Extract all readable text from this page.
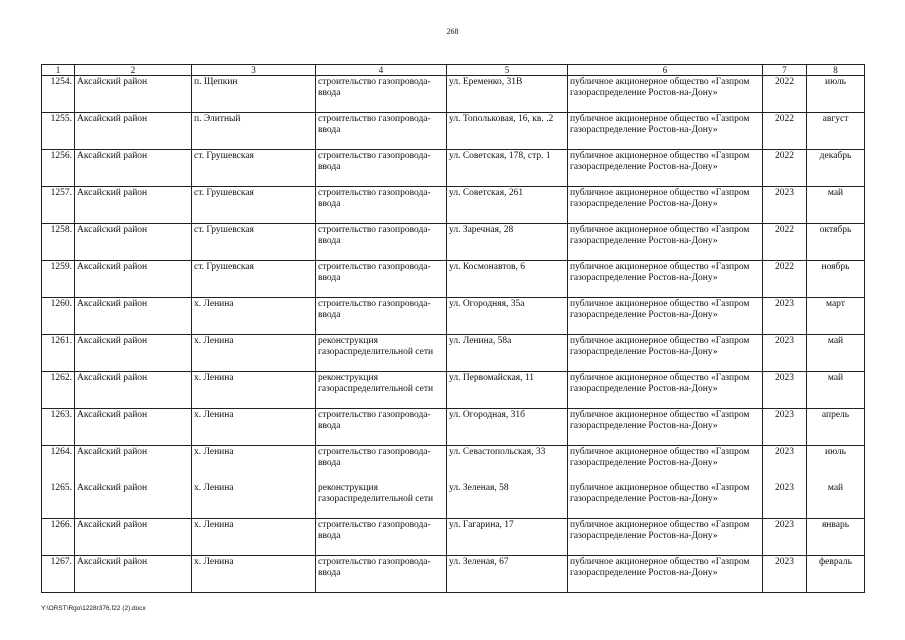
268
1	2	3	4	5	6	7	8
1254.	Аксайский район	п. Щепкин	строительство газопровода-ввода	ул. Еременко, 31В	публичное акционерное общество «Газпром газораспределение Ростов-на-Дону»	2022	июль
1255.	Аксайский район	п. Элитный	строительство газопровода-ввода	ул. Топольковая, 16, кв. .2	публичное акционерное общество «Газпром газораспределение Ростов-на-Дону»	2022	август
1256.	Аксайский район	ст. Грушевская	строительство газопровода-ввода	ул. Советская, 178, стр. 1	публичное акционерное общество «Газпром газораспределение Ростов-на-Дону»	2022	декабрь
1257.	Аксайский район	ст. Грушевская	строительство газопровода-ввода	ул. Советская, 261	публичное акционерное общество «Газпром газораспределение Ростов-на-Дону»	2023	май
1258.	Аксайский район	ст. Грушевская	строительство газопровода-ввода	ул. Заречная, 28	публичное акционерное общество «Газпром газораспределение Ростов-на-Дону»	2022	октябрь
1259.	Аксайский район	ст. Грушевская	строительство газопровода-ввода	ул. Космонавтов, 6	публичное акционерное общество «Газпром газораспределение Ростов-на-Дону»	2022	ноябрь
1260.	Аксайский район	х. Ленина	строительство газопровода-ввода	ул. Огородняя, 35а	публичное акционерное общество «Газпром газораспределение Ростов-на-Дону»	2023	март
1261.	Аксайский район	х. Ленина	реконструкция газораспределительной сети	ул. Ленина, 58а	публичное акционерное общество «Газпром газораспределение Ростов-на-Дону»	2023	май
1262.	Аксайский район	х. Ленина	реконструкция газораспределительной сети	ул. Первомайская, 11	публичное акционерное общество «Газпром газораспределение Ростов-на-Дону»	2023	май
1263.	Аксайский район	х. Ленина	строительство газопровода-ввода	ул. Огородная, 31б	публичное акционерное общество «Газпром газораспределение Ростов-на-Дону»	2023	апрель
1264.	Аксайский район	х. Ленина	строительство газопровода-ввода	ул. Севастопольская, 33	публичное акционерное общество «Газпром газораспределение Ростов-на-Дону»	2023	июль
1265.	Аксайский район	х. Ленина	реконструкция газораспределительной сети	ул. Зеленая, 58	публичное акционерное общество «Газпром газораспределение Ростов-на-Дону»	2023	май
1266.	Аксайский район	х. Ленина	строительство газопровода-ввода	ул. Гагарина, 17	публичное акционерное общество «Газпром газораспределение Ростов-на-Дону»	2023	январь
1267.	Аксайский район	х. Ленина	строительство газопровода-ввода	ул. Зеленая, 67	публичное акционерное общество «Газпром газораспределение Ростов-на-Дону»	2023	февраль
Y:\ORST\Rgo\1228r376.f22 (2).docx
